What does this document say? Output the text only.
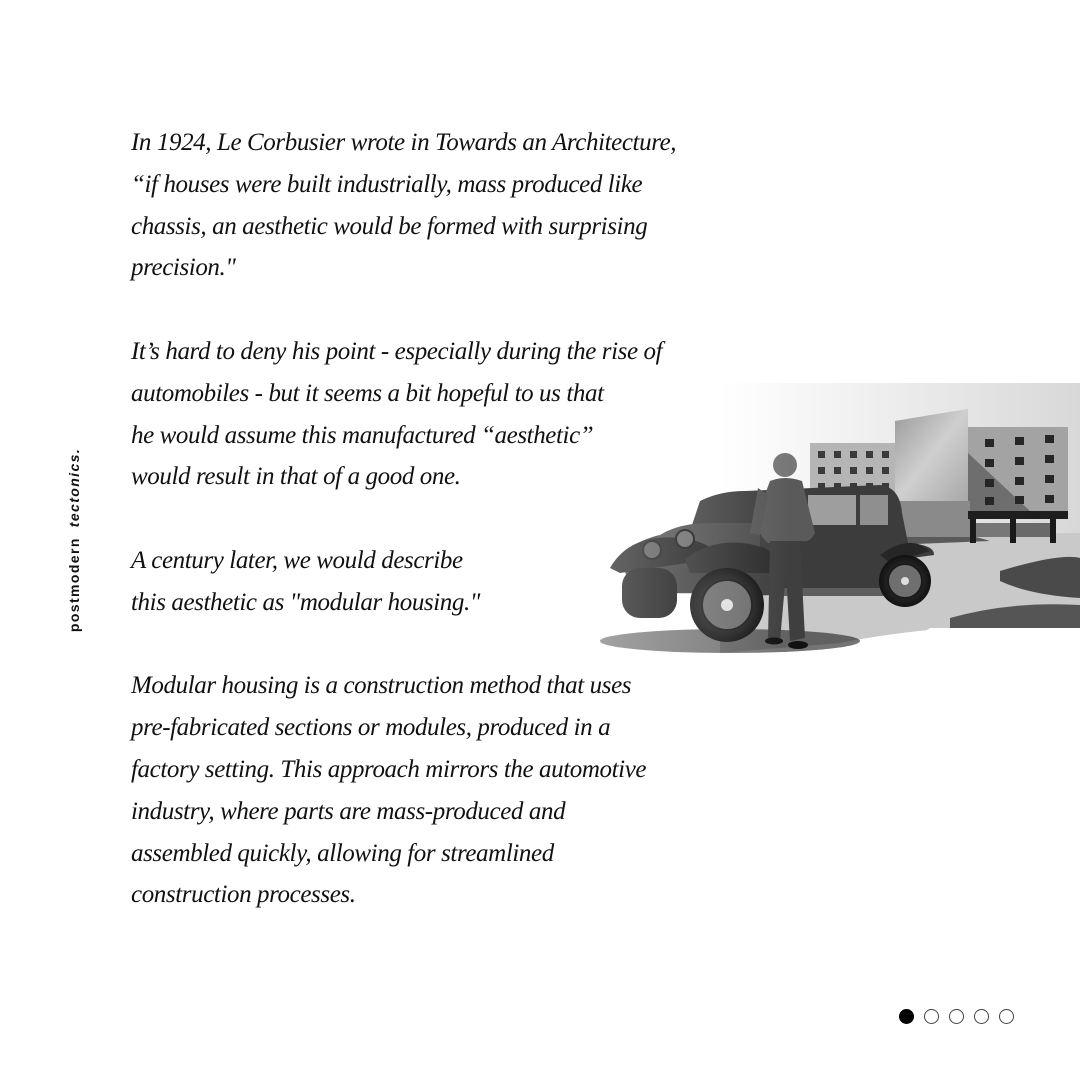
postmoderntectonics.

In 1924, Le Corbusier wrote in Towards an Architecture,
“if houses were built industrially, mass produced like
chassis, an aesthetic would be formed with surprising
precision."

It’s hard to deny his point - especially during the rise of
automobiles - but it seems a bit hopeful to us that
he would assume this manufactured “aesthetic”
would result in that of a good one.

A century later, we would describe
this aesthetic as "modular housing."

Modular housing is a construction method that uses
pre-fabricated sections or modules, produced in a
factory setting. This approach mirrors the automotive
industry, where parts are mass-produced and
assembled quickly, allowing for streamlined
construction processes.
